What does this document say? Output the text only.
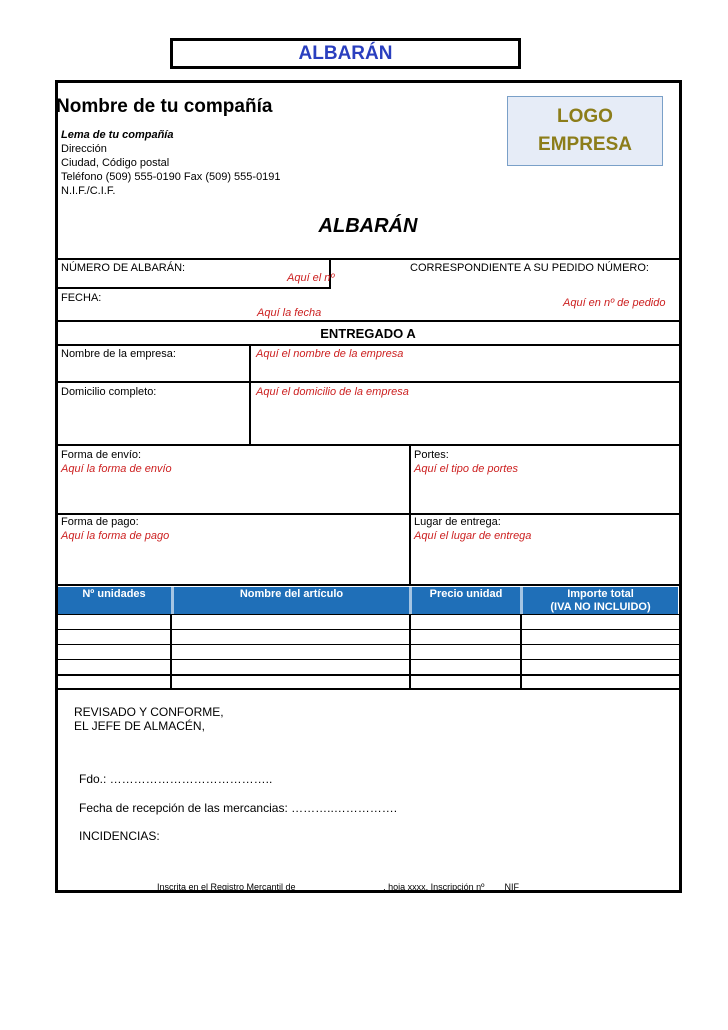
ALBARÁN
Nombre de tu compañía
Lema de tu compañía
Dirección
Ciudad, Código postal
Teléfono (509) 555-0190 Fax (509) 555-0191
N.I.F./C.I.F.
LOGO
EMPRESA
ALBARÁN
NÚMERO DE ALBARÁN:
Aquí el nº
CORRESPONDIENTE A SU PEDIDO NÚMERO:
Aquí en nº de pedido
FECHA:
Aquí la fecha
ENTREGADO A
Nombre de la empresa:	Aquí el nombre de la empresa
Domicilio completo:	Aquí el domicilio de la empresa
Forma de envío:
Aquí la forma de envío
Portes:
Aquí el tipo de portes
Forma de pago:
Aquí la forma de pago
Lugar de entrega:
Aquí el lugar de entrega
Nº unidades	Nombre del artículo	Precio unidad	Importe total
(IVA NO INCLUIDO)
REVISADO Y CONFORME,
EL JEFE DE ALMACÉN,
Fdo.: …………………………………..
Fecha de recepción de las mercancias: ………..…………….
INCIDENCIAS:
Inscrita en el Registro Mercantil de _________________, hoja xxxx, Inscripción nº ___ NIF____________
